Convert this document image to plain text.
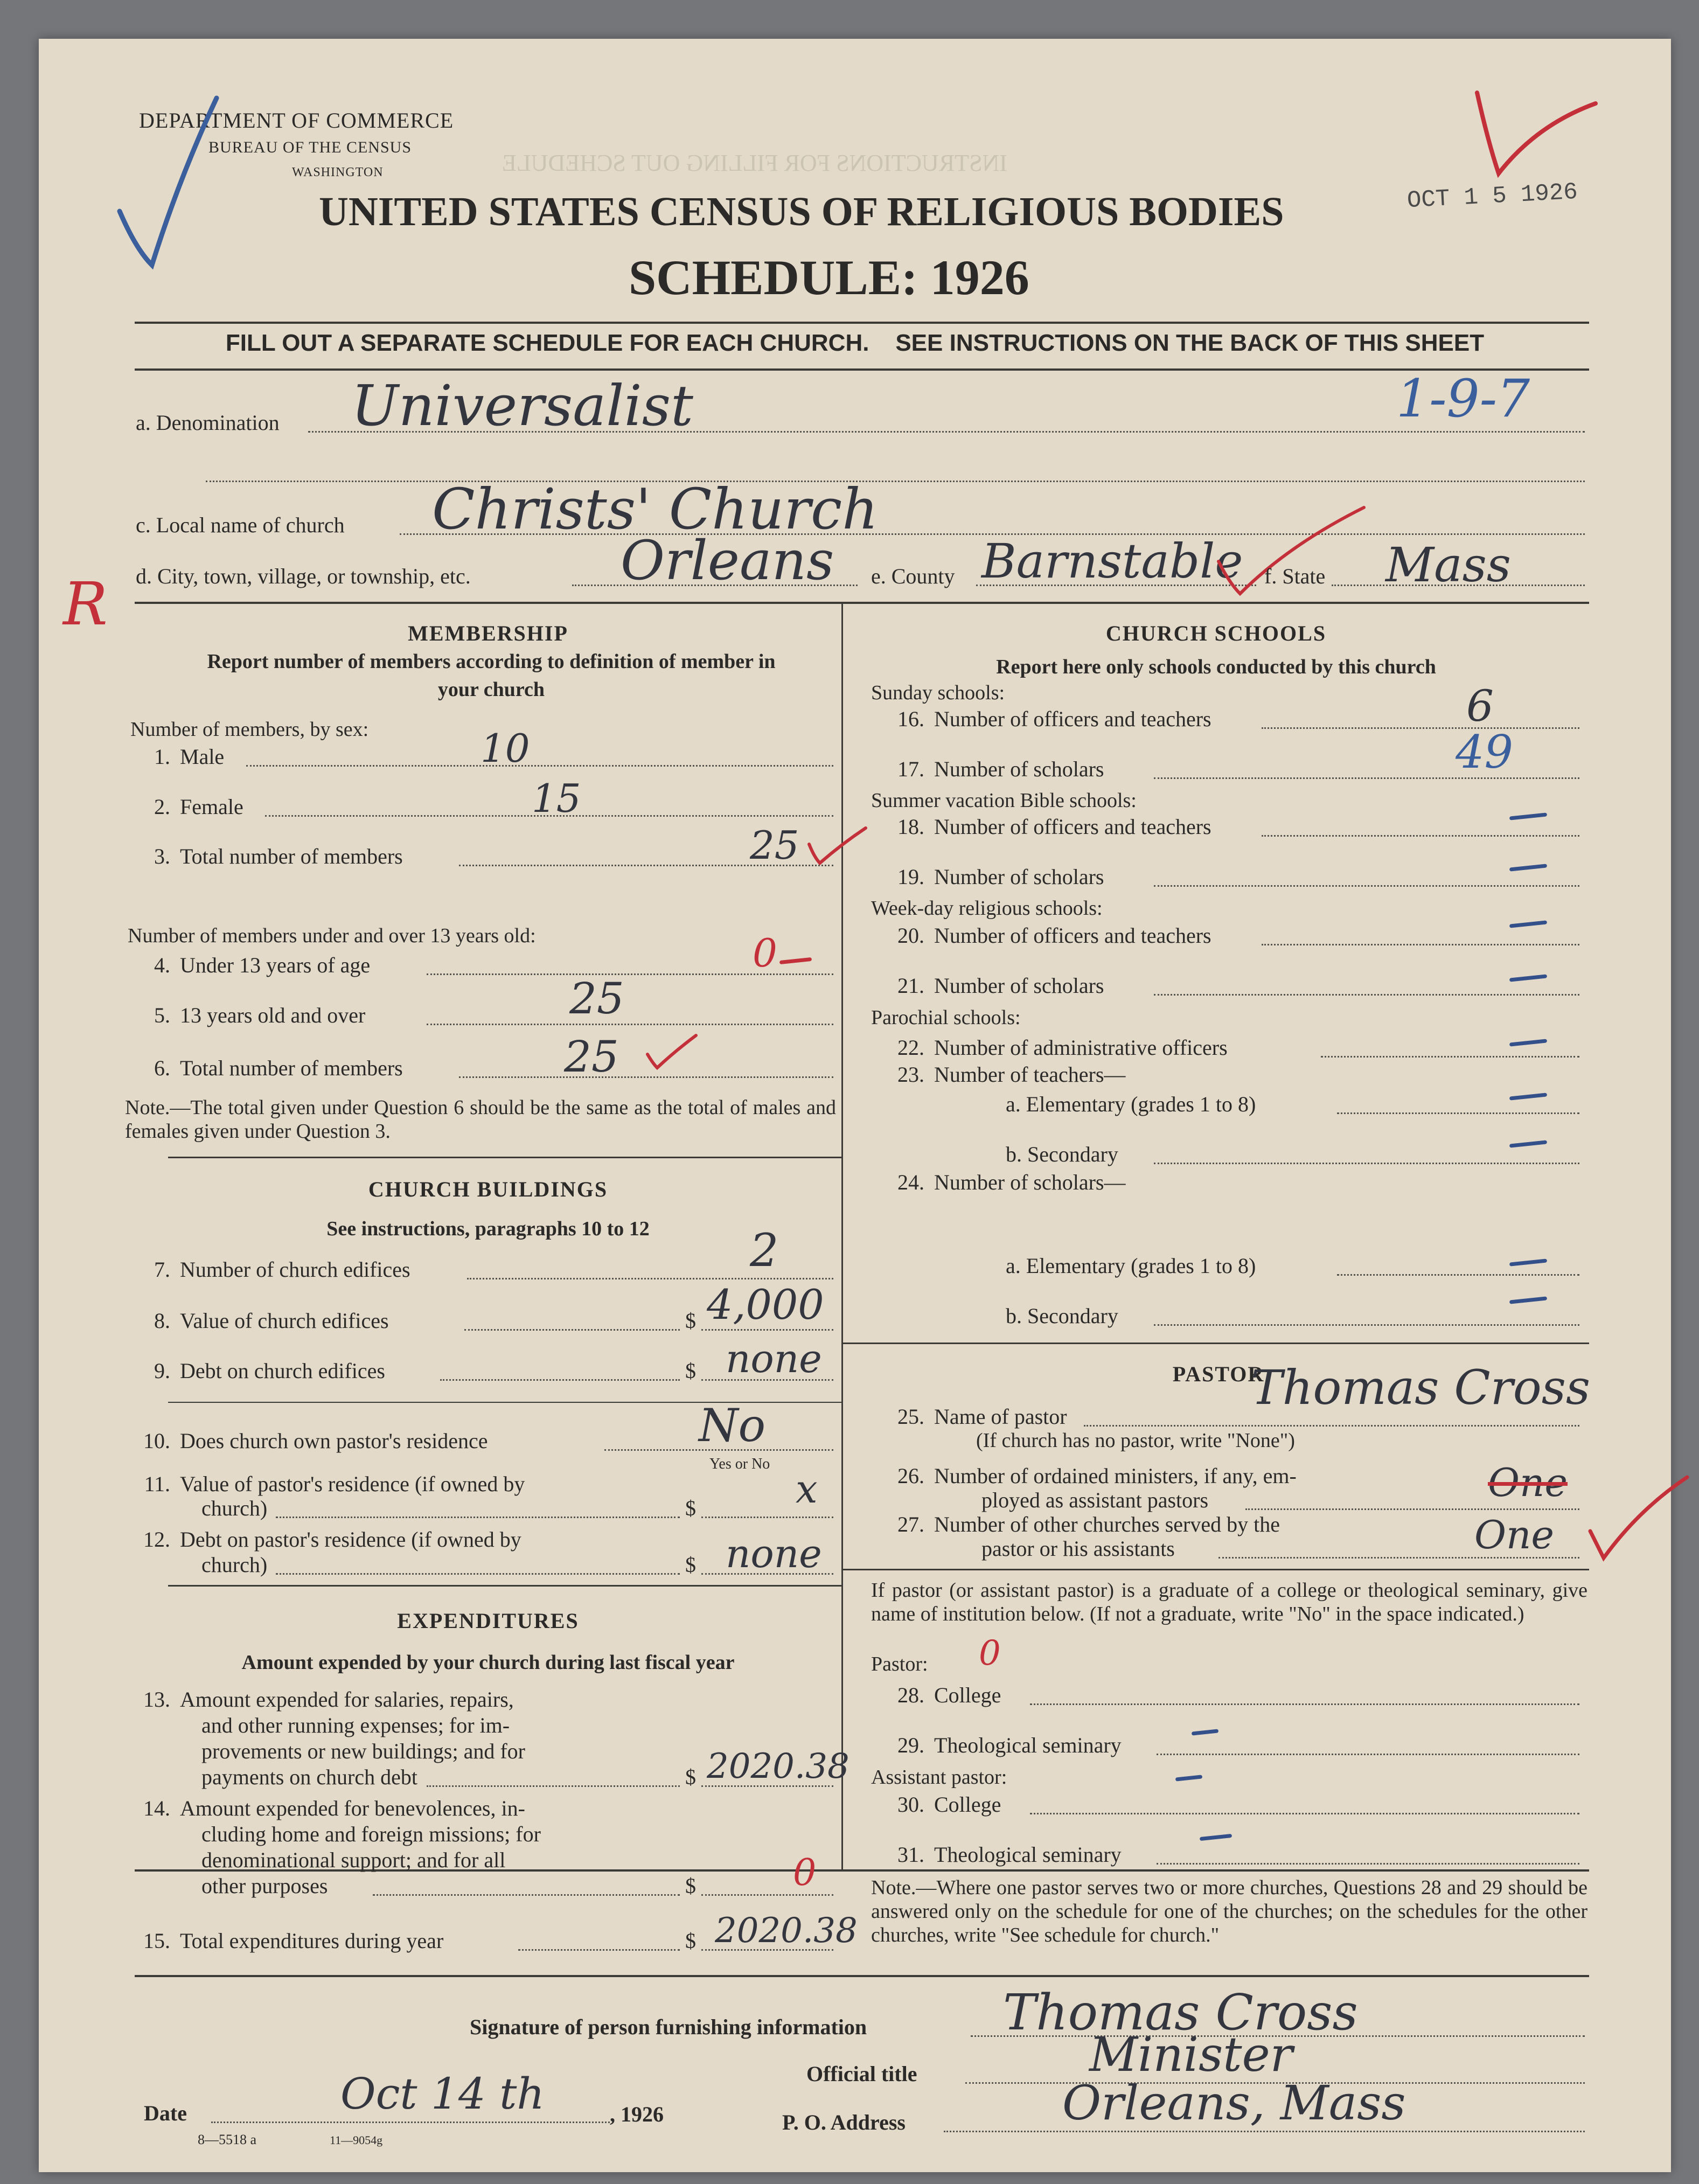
INSTRUCTIONS FOR FILLING OUT SCHEDULE
DEPARTMENT OF COMMERCE
BUREAU OF THE CENSUS
WASHINGTON
UNITED STATES CENSUS OF RELIGIOUS BODIES	OCT 1 5 1926
SCHEDULE: 1926
FILL OUT A SEPARATE SCHEDULE FOR EACH CHURCH.    SEE INSTRUCTIONS ON THE BACK OF THIS SHEET
1-9-7
a. Denomination Universalist
c. Local name of church Christs' Church
R d. City, town, village, or township, etc.	Orleans e. County Barnstable f. State Mass
MEMBERSHIP
Report number of members according to definition of member in your church
Number of members, by sex:
1. Male	10
2. Female	15
3. Total number of members	25
Number of members under and over 13 years old:
4. Under 13 years of age	0
5. 13 years old and over	25
6. Total number of members	25
Note.—The total given under Question 6 should be the same as the total of males and females given under Question 3.
CHURCH BUILDINGS
See instructions, paragraphs 10 to 12
7. Number of church edifices	2
8. Value of church edifices	$ 4,000
9. Debt on church edifices	$ none
10. Does church own pastor's residence	No
Yes or No
11. Value of pastor's residence (if owned by
church)	$	x
12. Debt on pastor's residence (if owned by
church)	$ none
EXPENDITURES
Amount expended by your church during last fiscal year
13. Amount expended for salaries, repairs,
and other running expenses; for im-
provements or new buildings; and for
payments on church debt	$ 2020.38
14. Amount expended for benevolences, in-
cluding home and foreign missions; for
denominational support; and for all
other purposes	$	0
15. Total expenditures during year	$ 2020.38
CHURCH SCHOOLS
Report here only schools conducted by this church
Sunday schools:
16. Number of officers and teachers	6
17. Number of scholars	49
Summer vacation Bible schools:
18. Number of officers and teachers
19. Number of scholars
Week-day religious schools:
20. Number of officers and teachers
21. Number of scholars
Parochial schools:
22. Number of administrative officers
23. Number of teachers—
a. Elementary (grades 1 to 8)
b. Secondary
24. Number of scholars—
a. Elementary (grades 1 to 8)
b. Secondary
PASTOR
25. Name of pastor
Thomas Cross
(If church has no pastor, write "None")
26. Number of ordained ministers, if any, em-
ployed as assistant pastors	One
27. Number of other churches served by the
pastor or his assistants	One
If pastor (or assistant pastor) is a graduate of a college or theological seminary, give name of institution below. (If not a graduate, write "No" in the space indicated.)
Pastor: 0
28. College
29. Theological seminary
Assistant pastor:
30. College
31. Theological seminary
Note.—Where one pastor serves two or more churches, Questions 28 and 29 should be answered only on the schedule for one of the churches; on the schedules for the other churches, write "See schedule for church."
Signature of person furnishing information	Thomas Cross
Official title	Minister
Date	Oct 14 th	, 1926	P. O. Address	Orleans, Mass
8—5518 a	11—9054g
